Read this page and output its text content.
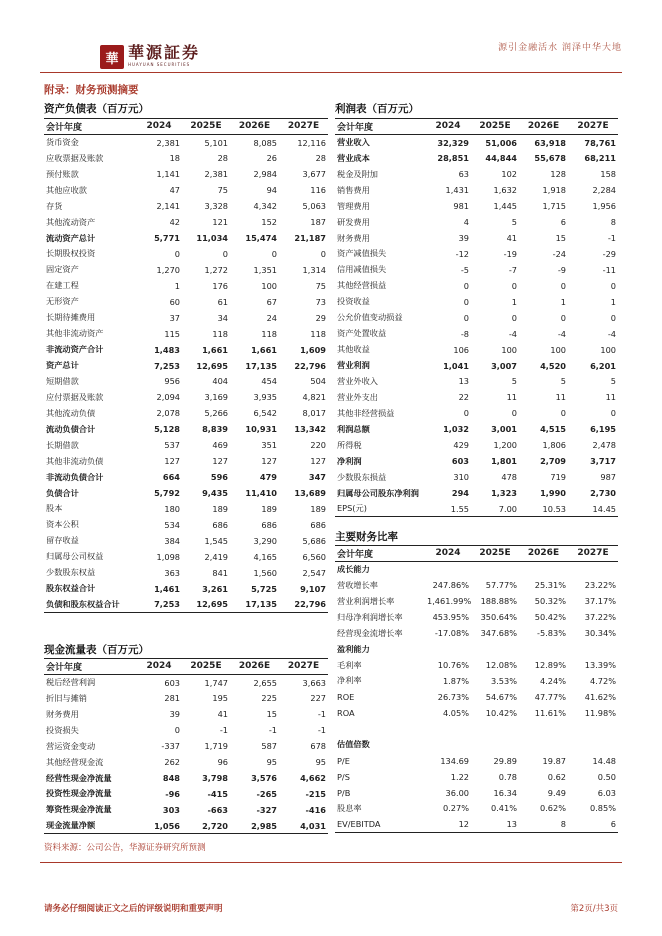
華 華源証券
HUAYUAN SECURITIES
源引金融活水 润泽中华大地
附录：财务预测摘要
资产负债表（百万元）
会计年度	2024	2025E	2026E	2027E
货币资金	2,381	5,101	8,085	12,116
应收票据及账款	18	28	26	28
预付账款	1,141	2,381	2,984	3,677
其他应收款	47	75	94	116
存货	2,141	3,328	4,342	5,063
其他流动资产	42	121	152	187
流动资产总计	5,771	11,034	15,474	21,187
长期股权投资	0	0	0	0
固定资产	1,270	1,272	1,351	1,314
在建工程	1	176	100	75
无形资产	60	61	67	73
长期待摊费用	37	34	24	29
其他非流动资产	115	118	118	118
非流动资产合计	1,483	1,661	1,661	1,609
资产总计	7,253	12,695	17,135	22,796
短期借款	956	404	454	504
应付票据及账款	2,094	3,169	3,935	4,821
其他流动负债	2,078	5,266	6,542	8,017
流动负债合计	5,128	8,839	10,931	13,342
长期借款	537	469	351	220
其他非流动负债	127	127	127	127
非流动负债合计	664	596	479	347
负债合计	5,792	9,435	11,410	13,689
股本	180	189	189	189
资本公积	534	686	686	686
留存收益	384	1,545	3,290	5,686
归属母公司权益	1,098	2,419	4,165	6,560
少数股东权益	363	841	1,560	2,547
股东权益合计	1,461	3,261	5,725	9,107
负债和股东权益合计	7,253	12,695	17,135	22,796
利润表（百万元）
会计年度	2024	2025E	2026E	2027E
营业收入	32,329	51,006	63,918	78,761
营业成本	28,851	44,844	55,678	68,211
税金及附加	63	102	128	158
销售费用	1,431	1,632	1,918	2,284
管理费用	981	1,445	1,715	1,956
研发费用	4	5	6	8
财务费用	39	41	15	-1
资产减值损失	-12	-19	-24	-29
信用减值损失	-5	-7	-9	-11
其他经营损益	0	0	0	0
投资收益	0	1	1	1
公允价值变动损益	0	0	0	0
资产处置收益	-8	-4	-4	-4
其他收益	106	100	100	100
营业利润	1,041	3,007	4,520	6,201
营业外收入	13	5	5	5
营业外支出	22	11	11	11
其他非经营损益	0	0	0	0
利润总额	1,032	3,001	4,515	6,195
所得税	429	1,200	1,806	2,478
净利润	603	1,801	2,709	3,717
少数股东损益	310	478	719	987
归属母公司股东净利润	294	1,323	1,990	2,730
EPS(元)	1.55	7.00	10.53	14.45
主要财务比率
会计年度	2024	2025E	2026E	2027E
成长能力				
营收增长率	247.86%	57.77%	25.31%	23.22%
营业利润增长率	1,461.99%	188.88%	50.32%	37.17%
归母净利润增长率	453.95%	350.64%	50.42%	37.22%
经营现金流增长率	-17.08%	347.68%	-5.83%	30.34%
盈利能力				
毛利率	10.76%	12.08%	12.89%	13.39%
净利率	1.87%	3.53%	4.24%	4.72%
ROE	26.73%	54.67%	47.77%	41.62%
ROA	4.05%	10.42%	11.61%	11.98%

估值倍数				
P/E	134.69	29.89	19.87	14.48
P/S	1.22	0.78	0.62	0.50
P/B	36.00	16.34	9.49	6.03
股息率	0.27%	0.41%	0.62%	0.85%
EV/EBITDA	12	13	8	6
现金流量表（百万元）
会计年度	2024	2025E	2026E	2027E
税后经营利润	603	1,747	2,655	3,663
折旧与摊销	281	195	225	227
财务费用	39	41	15	-1
投资损失	0	-1	-1	-1
营运资金变动	-337	1,719	587	678
其他经营现金流	262	96	95	95
经营性现金净流量	848	3,798	3,576	4,662
投资性现金净流量	-96	-415	-265	-215
筹资性现金净流量	303	-663	-327	-416
现金流量净额	1,056	2,720	2,985	4,031
资料来源：公司公告，华源证券研究所预测
请务必仔细阅读正文之后的评级说明和重要声明	第2页/共3页
